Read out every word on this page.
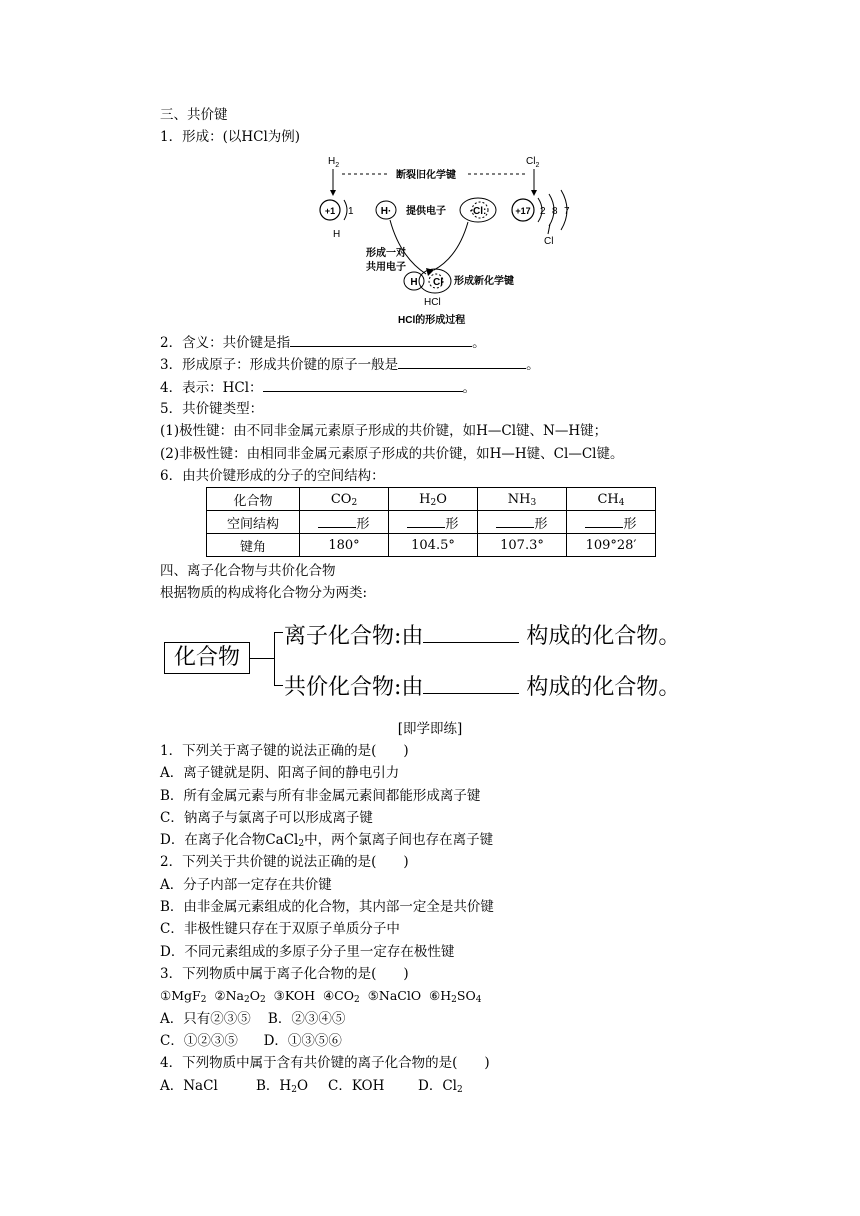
三、共价键
1．形成：(以HCl为例)
$H_2$
断裂旧化学键
$Cl_2$
+1 1
H
H· 提供电子 ·Cl:	+17 2 8 7
Cl
形成一对
共用电子
H Cl 形成新化学键
HCl
HCl的形成过程
2．含义：共价键是指	。
3．形成原子：形成共价键的原子一般是	。
4．表示：HCl：	。
5．共价键类型：
(1)极性键：由不同非金属元素原子形成的共价键，如H—Cl键、N—H键；
(2)非极性键：由相同非金属元素原子形成的共价键，如H—H键、Cl—Cl键。
6．由共价键形成的分子的空间结构：
化合物	$CO_2$	$H_2O$	$NH_3$	$CH_4$
空间结构	形	形	形	形
键角	180°	104.5°	107.3°	109°28′
四、离子化合物与共价化合物
根据物质的构成将化合物分为两类:
化合物
离子化合物:由	构成的化合物。
共价化合物:由	构成的化合物。
[即学即练]
1．下列关于离子键的说法正确的是(　　)
A．离子键就是阴、阳离子间的静电引力
B．所有金属元素与所有非金属元素间都能形成离子键
C．钠离子与氯离子可以形成离子键
D．在离子化合物CaCl$_2$中，两个氯离子间也存在离子键
2．下列关于共价键的说法正确的是(　　)
A．分子内部一定存在共价键
B．由非金属元素组成的化合物，其内部一定全是共价键
C．非极性键只存在于双原子单质分子中
D．不同元素组成的多原子分子里一定存在极性键
3．下列物质中属于离子化合物的是(　　)
①MgF$_2$ $②Na_2O_2$ ③KOH $④CO_2$ ⑤NaClO $⑥H_2SO_4$
A．只有②③⑤ B．②③④⑤
C．①②③⑤ D．①③⑤⑥
4．下列物质中属于含有共价键的离子化合物的是(　　)
A．NaCl	B．$H_2O$ C．KOH D．$Cl_2$
